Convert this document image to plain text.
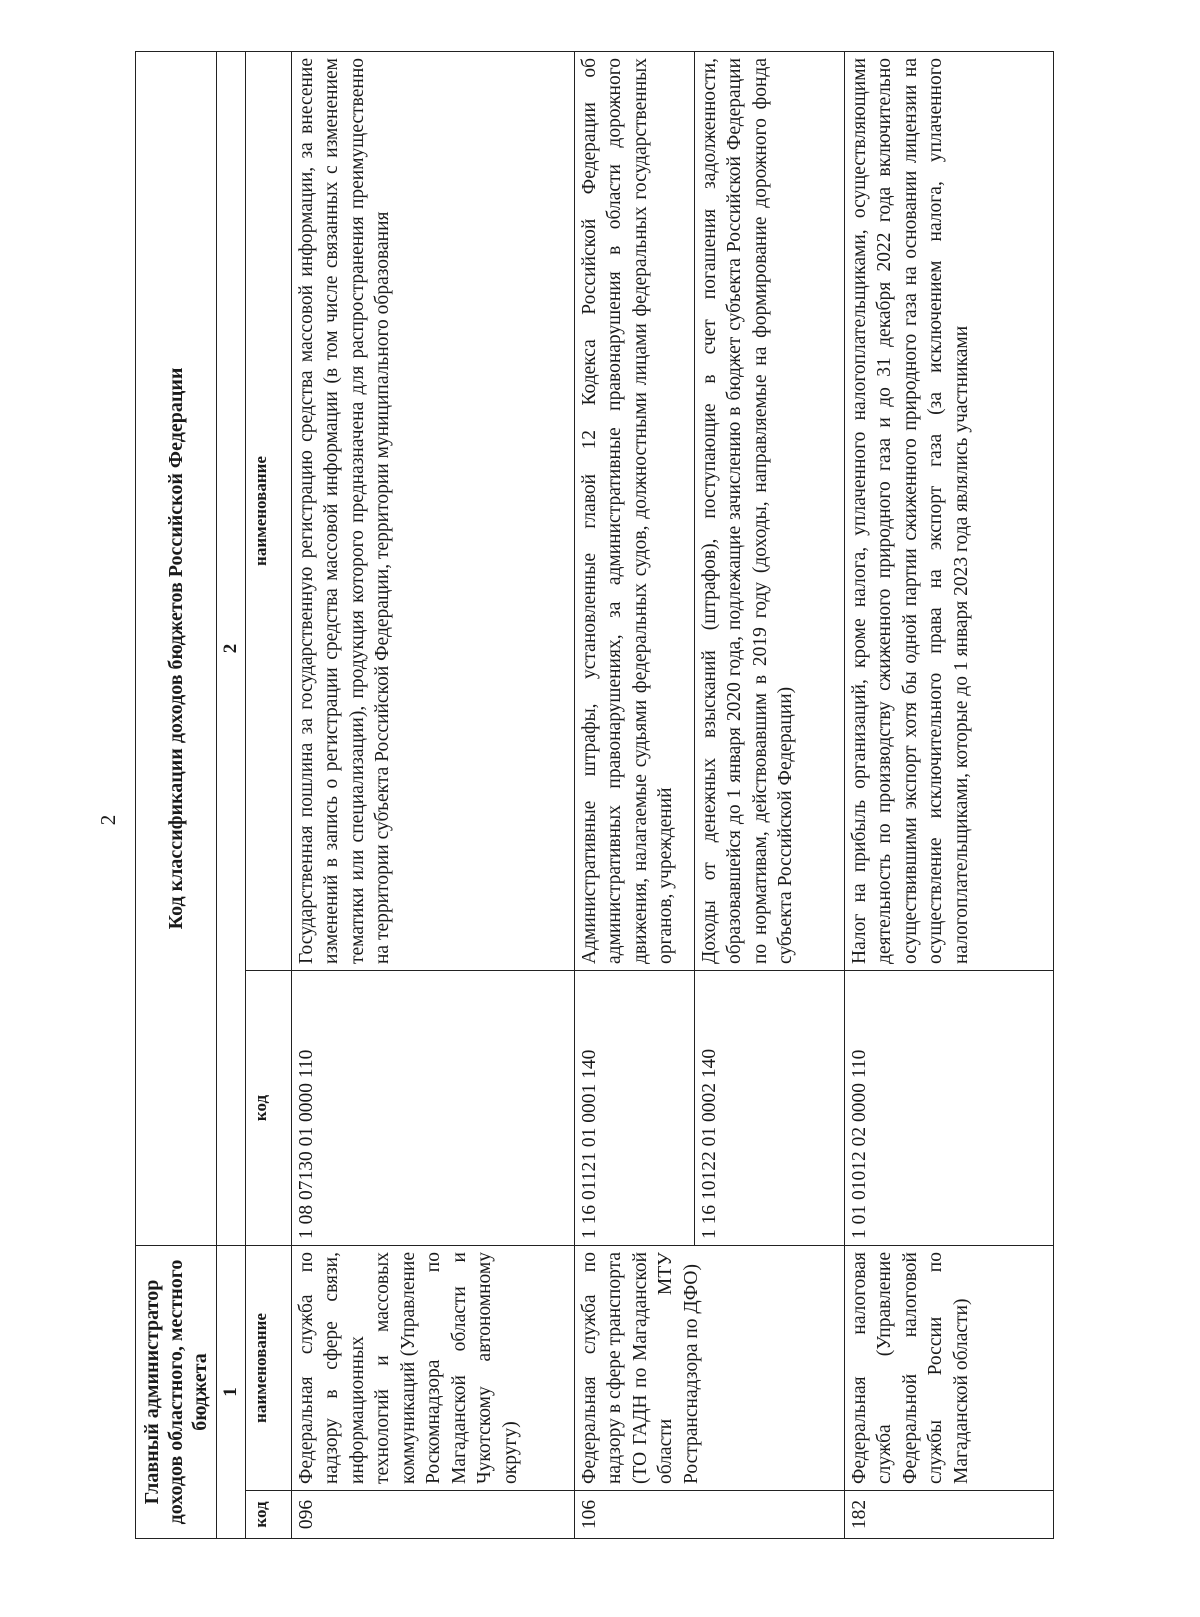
2
Главный администратор доходов областного, местного бюджета		Код классификации доходов бюджетов Российской Федерации	
1		2	
код	наименование	код	наименование
096	Федеральная служба по надзору в сфере связи, информационных технологий и массовых коммуникаций (Управление Роскомнадзора по Магаданской области и Чукотскому автономному округу)	1 08 07130 01 0000 110	Государственная пошлина за государственную регистрацию средства массовой информации, за внесение изменений в запись о регистрации средства массовой информации (в том числе связанных с изменением тематики или специализации), продукция которого предназначена для распространения преимущественно на территории субъекта Российской Федерации, территории муниципального образования
106	Федеральная служба по надзору в сфере транспорта (ТО ГАДН по Магаданской области МТУ Ространснадзора по ДФО)	1 16 01121 01 0001 140	Административные штрафы, установленные главой 12 Кодекса Российской Федерации об административных правонарушениях, за административные правонарушения в области дорожного движения, налагаемые судьями федеральных судов, должностными лицами федеральных государственных органов, учреждений
		1 16 10122 01 0002 140	Доходы от денежных взысканий (штрафов), поступающие в счет погашения задолженности, образовавшейся до 1 января 2020 года, подлежащие зачислению в бюджет субъекта Российской Федерации по нормативам, действовавшим в 2019 году (доходы, направляемые на формирование дорожного фонда субъекта Российской Федерации)
182	Федеральная налоговая служба (Управление Федеральной налоговой службы России по Магаданской области)	1 01 01012 02 0000 110	Налог на прибыль организаций, кроме налога, уплаченного налогоплательщиками, осуществляющими деятельность по производству сжиженного природного газа и до 31 декабря 2022 года включительно осуществившими экспорт хотя бы одной партии сжиженного природного газа на основании лицензии на осуществление исключительного права на экспорт газа (за исключением налога, уплаченного налогоплательщиками, которые до 1 января 2023 года являлись участниками
